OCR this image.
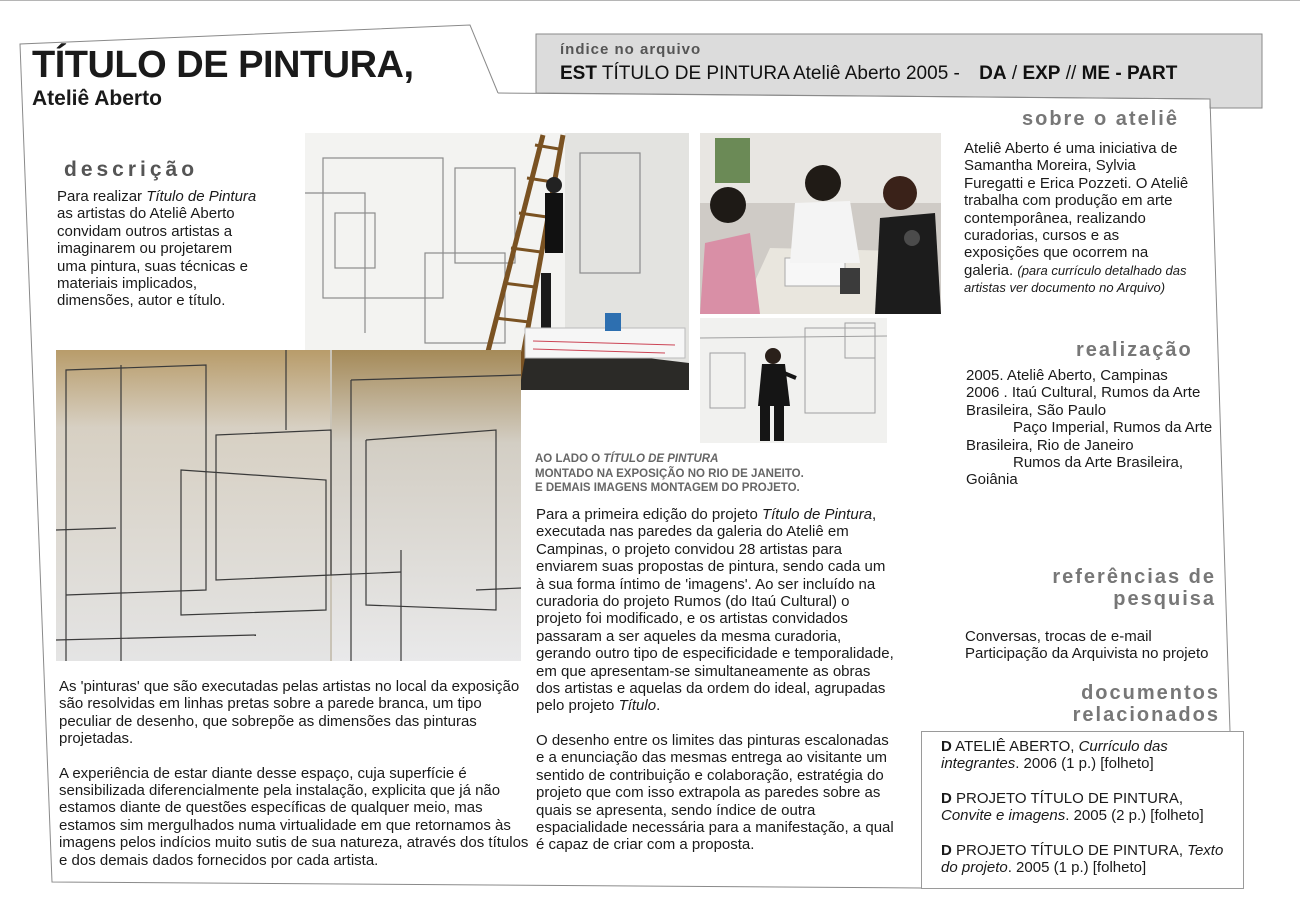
TÍTULO DE PINTURA,
Ateliê Aberto
índice no arquivo
EST TÍTULO DE PINTURA Ateliê Aberto 2005 - DA / EXP // ME - PART
descrição
Para realizar Título de Pintura as artistas do Ateliê Aberto convidam outros artistas a imaginarem ou projetarem uma pintura, suas técnicas e materiais implicados, dimensões, autor e título.
AO LADO O TÍTULO DE PINTURA
MONTADO NA EXPOSIÇÃO NO RIO DE JANEITO.
E DEMAIS IMAGENS MONTAGEM DO PROJETO.
Para a primeira edição do projeto Título de Pintura, executada nas paredes da galeria do Ateliê em Campinas, o projeto convidou 28 artistas para enviarem suas propostas de pintura, sendo cada um à sua forma íntimo de 'imagens'. Ao ser incluído na curadoria do projeto Rumos (do Itaú Cultural) o projeto foi modificado, e os artistas convidados passaram a ser aqueles da mesma curadoria, gerando outro tipo de especificidade e temporalidade, em que apresentam-se simultaneamente as obras dos artistas e aquelas da ordem do ideal, agrupadas pelo projeto Título.
O desenho entre os limites das pinturas escalonadas e a enunciação das mesmas entrega ao visitante um sentido de contribuição e colaboração, estratégia do projeto que com isso extrapola as paredes sobre as quais se apresenta, sendo índice de outra espacialidade necessária para a manifestação, a qual é capaz de criar com a proposta.
As 'pinturas' que são executadas pelas artistas no local da exposição são resolvidas em linhas pretas sobre a parede branca, um tipo peculiar de desenho, que sobrepõe as dimensões das pinturas projetadas.
A experiência de estar diante desse espaço, cuja superfície é sensibilizada diferencialmente pela instalação, explicita que já não estamos diante de questões específicas de qualquer meio, mas estamos sim mergulhados numa virtualidade em que retornamos às imagens pelos indícios muito sutis de sua natureza, através dos títulos e dos demais dados fornecidos por cada artista.
sobre o ateliê
Ateliê Aberto é uma iniciativa de Samantha Moreira, Sylvia Furegatti e Erica Pozzeti. O Ateliê trabalha com produção em arte contemporânea, realizando curadorias, cursos e as exposições que ocorrem na galeria. (para currículo detalhado das artistas ver documento no Arquivo)
realização
2005. Ateliê Aberto, Campinas
2006 . Itaú Cultural, Rumos da Arte Brasileira, São Paulo
Paço Imperial, Rumos da Arte Brasileira, Rio de Janeiro
Rumos da Arte Brasileira, Goiânia
referências de
pesquisa
Conversas, trocas de e-mail
Participação da Arquivista no projeto
documentos
relacionados
D ATELIÊ ABERTO, Currículo das integrantes. 2006 (1 p.) [folheto]
D PROJETO TÍTULO DE PINTURA, Convite e imagens. 2005 (2 p.) [folheto]
D PROJETO TÍTULO DE PINTURA, Texto do projeto. 2005 (1 p.) [folheto]
